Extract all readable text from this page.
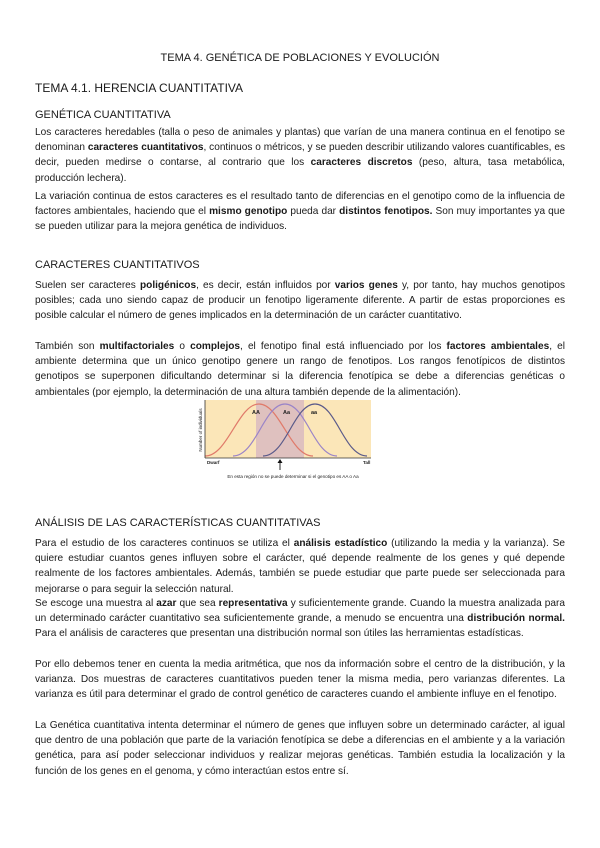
TEMA 4. GENÉTICA DE POBLACIONES Y EVOLUCIÓN
TEMA 4.1. HERENCIA CUANTITATIVA
GENÉTICA CUANTITATIVA

Los caracteres heredables (talla o peso de animales y plantas) que varían de una manera continua en el fenotipo se denominan caracteres cuantitativos, continuos o métricos, y se pueden describir utilizando valores cuantificables, es decir, pueden medirse o contarse, al contrario que los caracteres discretos (peso, altura, tasa metabólica, producción lechera).

La variación continua de estos caracteres es el resultado tanto de diferencias en el genotipo como de la influencia de factores ambientales, haciendo que el mismo genotipo pueda dar distintos fenotipos. Son muy importantes ya que se pueden utilizar para la mejora genética de individuos.

CARACTERES CUANTITATIVOS

Suelen ser caracteres poligénicos, es decir, están influidos por varios genes y, por tanto, hay muchos genotipos posibles; cada uno siendo capaz de producir un fenotipo ligeramente diferente. A partir de estas proporciones es posible calcular el número de genes implicados en la determinación de un carácter cuantitativo.

También son multifactoriales o complejos, el fenotipo final está influenciado por los factores ambientales, el ambiente determina que un único genotipo genere un rango de fenotipos. Los rangos fenotípicos de distintos genotipos se superponen dificultando determinar si la diferencia fenotípica se debe a diferencias genéticas o ambientales (por ejemplo, la determinación de una altura también depende de la alimentación).

Number of individuals	AA	Aa	aa
Dwarf	Tall
En esta región no se puede determinar si el genotipo es AA o Aa
ANÁLISIS DE LAS CARACTERÍSTICAS CUANTITATIVAS

Para el estudio de los caracteres continuos se utiliza el análisis estadístico (utilizando la media y la varianza). Se quiere estudiar cuantos genes influyen sobre el carácter, qué depende realmente de los genes y qué depende realmente de los factores ambientales. Además, también se puede estudiar que parte puede ser seleccionada para mejorarse o para seguir la selección natural.

Se escoge una muestra al azar que sea representativa y suficientemente grande. Cuando la muestra analizada para un determinado carácter cuantitativo sea suficientemente grande, a menudo se encuentra una distribución normal. Para el análisis de caracteres que presentan una distribución normal son útiles las herramientas estadísticas.

Por ello debemos tener en cuenta la media aritmética, que nos da información sobre el centro de la distribución, y la varianza. Dos muestras de caracteres cuantitativos pueden tener la misma media, pero varianzas diferentes. La varianza es útil para determinar el grado de control genético de caracteres cuando el ambiente influye en el fenotipo.

La Genética cuantitativa intenta determinar el número de genes que influyen sobre un determinado carácter, al igual que dentro de una población que parte de la variación fenotípica se debe a diferencias en el ambiente y a la variación genética, para así poder seleccionar individuos y realizar mejoras genéticas. También estudia la localización y la función de los genes en el genoma, y cómo interactúan estos entre sí.
